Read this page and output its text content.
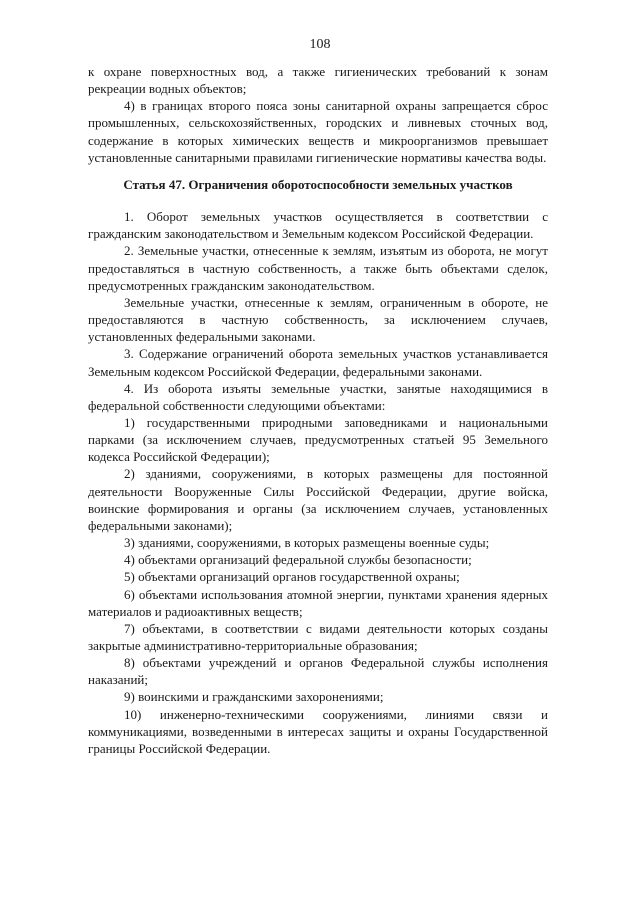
108

к охране поверхностных вод, а также гигиенических требований к зонам рекреации водных объектов;

4) в границах второго пояса зоны санитарной охраны запрещается сброс промышленных, сельскохозяйственных, городских и ливневых сточных вод, содержание в которых химических веществ и микроорганизмов превышает установленные санитарными правилами гигиенические нормативы качества воды.

Статья 47. Ограничения оборотоспособности земельных участков

1. Оборот земельных участков осуществляется в соответствии с гражданским законодательством и Земельным кодексом Российской Федерации.

2. Земельные участки, отнесенные к землям, изъятым из оборота, не могут предоставляться в частную собственность, а также быть объектами сделок, предусмотренных гражданским законодательством.

Земельные участки, отнесенные к землям, ограниченным в обороте, не предоставляются в частную собственность, за исключением случаев, установленных федеральными законами.

3. Содержание ограничений оборота земельных участков устанавливается Земельным кодексом Российской Федерации, федеральными законами.

4. Из оборота изъяты земельные участки, занятые находящимися в федеральной собственности следующими объектами:

1) государственными природными заповедниками и национальными парками (за исключением случаев, предусмотренных статьей 95 Земельного кодекса Российской Федерации);

2) зданиями, сооружениями, в которых размещены для постоянной деятельности Вооруженные Силы Российской Федерации, другие войска, воинские формирования и органы (за исключением случаев, установленных федеральными законами);

3) зданиями, сооружениями, в которых размещены военные суды;

4) объектами организаций федеральной службы безопасности;

5) объектами организаций органов государственной охраны;

6) объектами использования атомной энергии, пунктами хранения ядерных материалов и радиоактивных веществ;

7) объектами, в соответствии с видами деятельности которых созданы закрытые административно-территориальные образования;

8) объектами учреждений и органов Федеральной службы исполнения наказаний;

9) воинскими и гражданскими захоронениями;

10) инженерно-техническими сооружениями, линиями связи и коммуникациями, возведенными в интересах защиты и охраны Государственной границы Российской Федерации.
